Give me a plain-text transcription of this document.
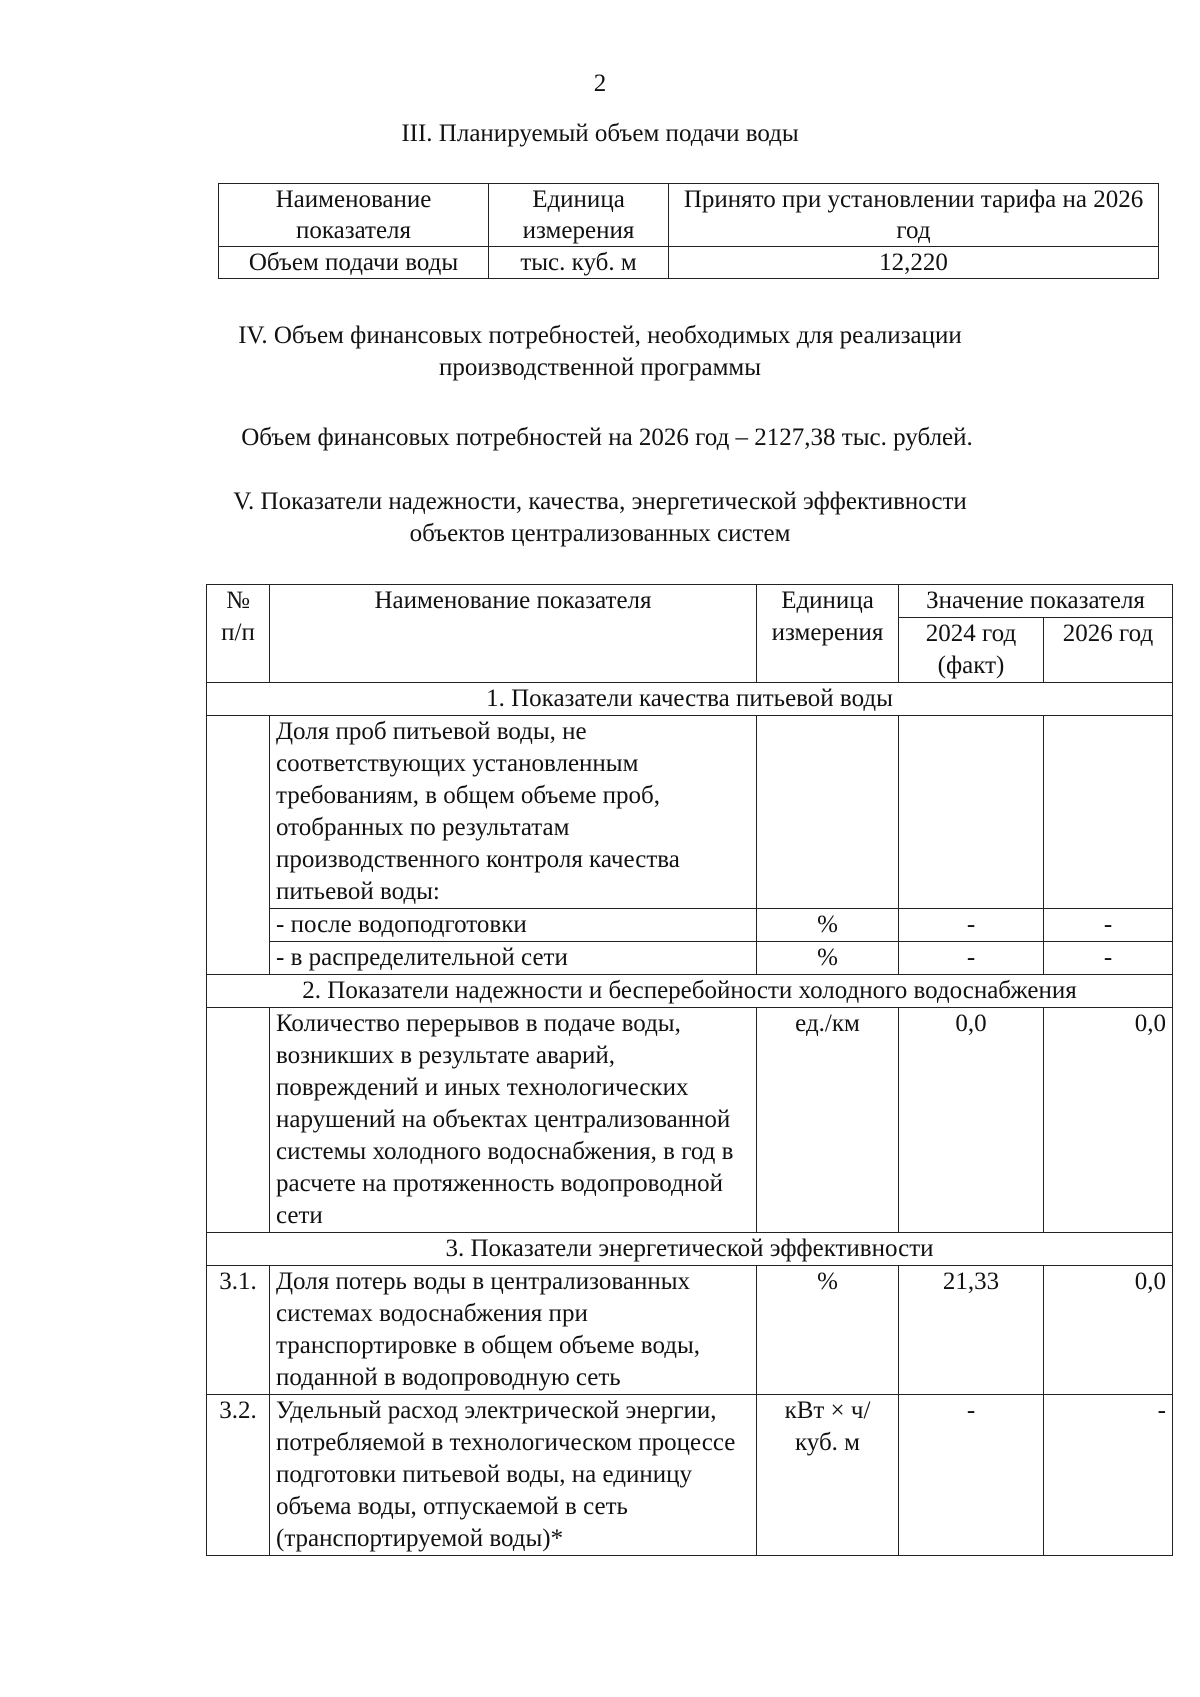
2
III. Планируемый объем подачи воды
Наименование показателя	Единица измерения	Принято при установлении тарифа на 2026 год
Объем подачи воды	тыс. куб. м	12,220
IV. Объем финансовых потребностей, необходимых для реализации
производственной программы
Объем финансовых потребностей на 2026 год – 2127,38 тыс. рублей.
V. Показатели надежности, качества, энергетической эффективности
объектов централизованных систем
№ п/п	Наименование показателя	Единица измерения	Значение показателя	
			2024 год (факт)	2026 год
1. Показатели качества питьевой воды				
	Доля проб питьевой воды, не соответствующих установленным требованиям, в общем объеме проб, отобранных по результатам производственного контроля качества питьевой воды:			
	- после водоподготовки	%	-	-
	- в распределительной сети	%	-	-
2. Показатели надежности и бесперебойности холодного водоснабжения				
	Количество перерывов в подаче воды, возникших в результате аварий, повреждений и иных технологических нарушений на объектах централизованной системы холодного водоснабжения, в год в расчете на протяженность водопроводной сети	ед./км	0,0	0,0
3. Показатели энергетической эффективности				
3.1.	Доля потерь воды в централизованных системах водоснабжения при транспортировке в общем объеме воды, поданной в водопроводную сеть	%	21,33	0,0
3.2.	Удельный расход электрической энергии, потребляемой в технологическом процессе подготовки питьевой воды, на единицу объема воды, отпускаемой в сеть (транспортируемой воды)*	кВт × ч/ куб. м	-	-
